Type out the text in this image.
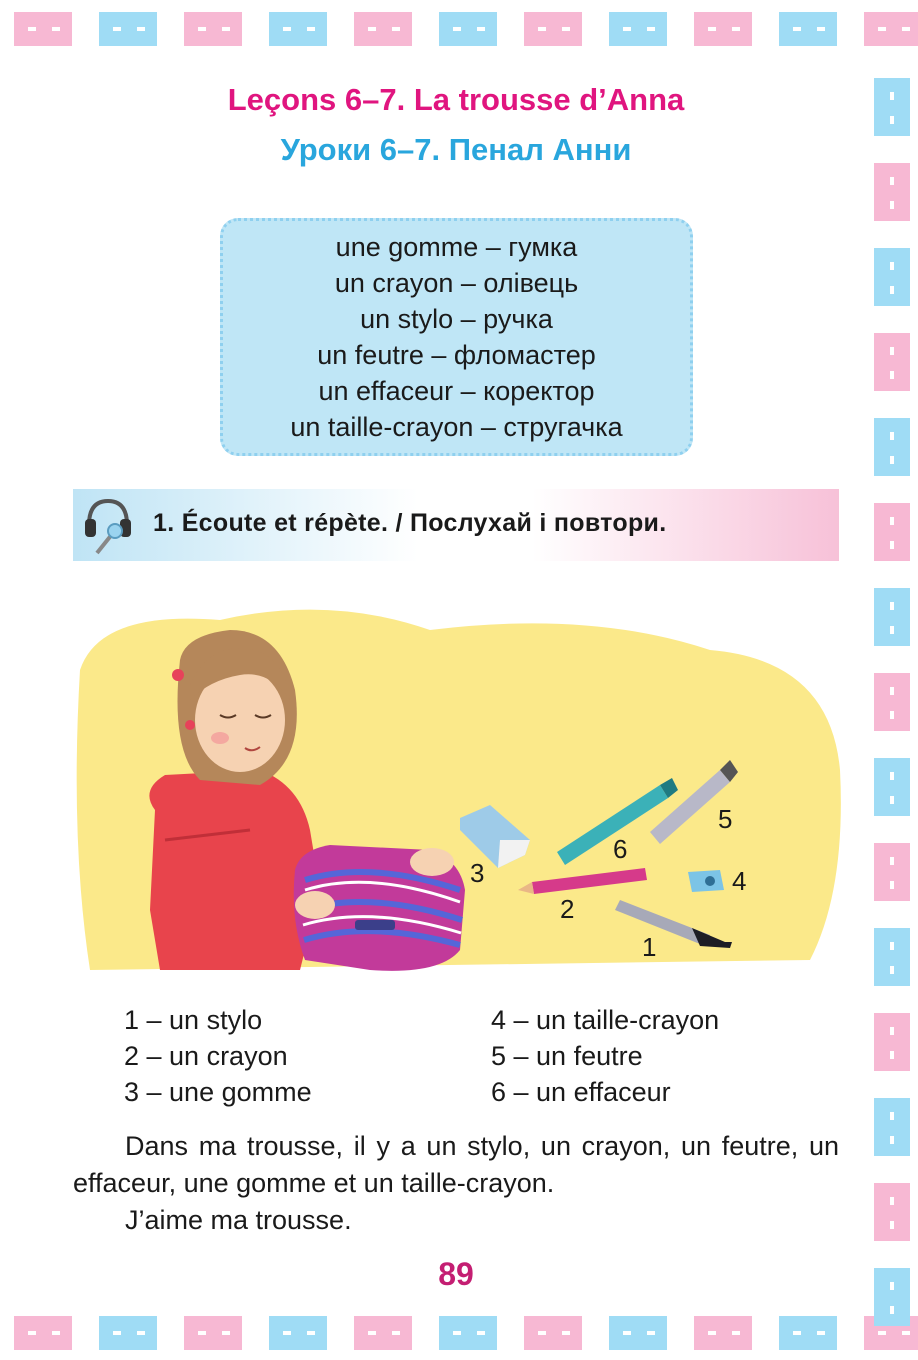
Leçons 6–7. La trousse d’Anna
Уроки 6–7. Пенал Анни
une gomme – гумка
un crayon – олівець
un stylo – ручка
un feutre – фломастер
un effaceur – коректор
un taille-crayon – стругачка
1. Écoute et répète. / Послухай і повтори.
1
2
3	4
5
6
1 – un stylo
2 – un crayon
3 – une gomme
4 – un taille-crayon
5 – un feutre
6 – un effaceur

Dans ma trousse, il y a un stylo, un crayon, un feutre, un effaceur, une gomme et un taille-crayon.

J’aime ma trousse.

89
